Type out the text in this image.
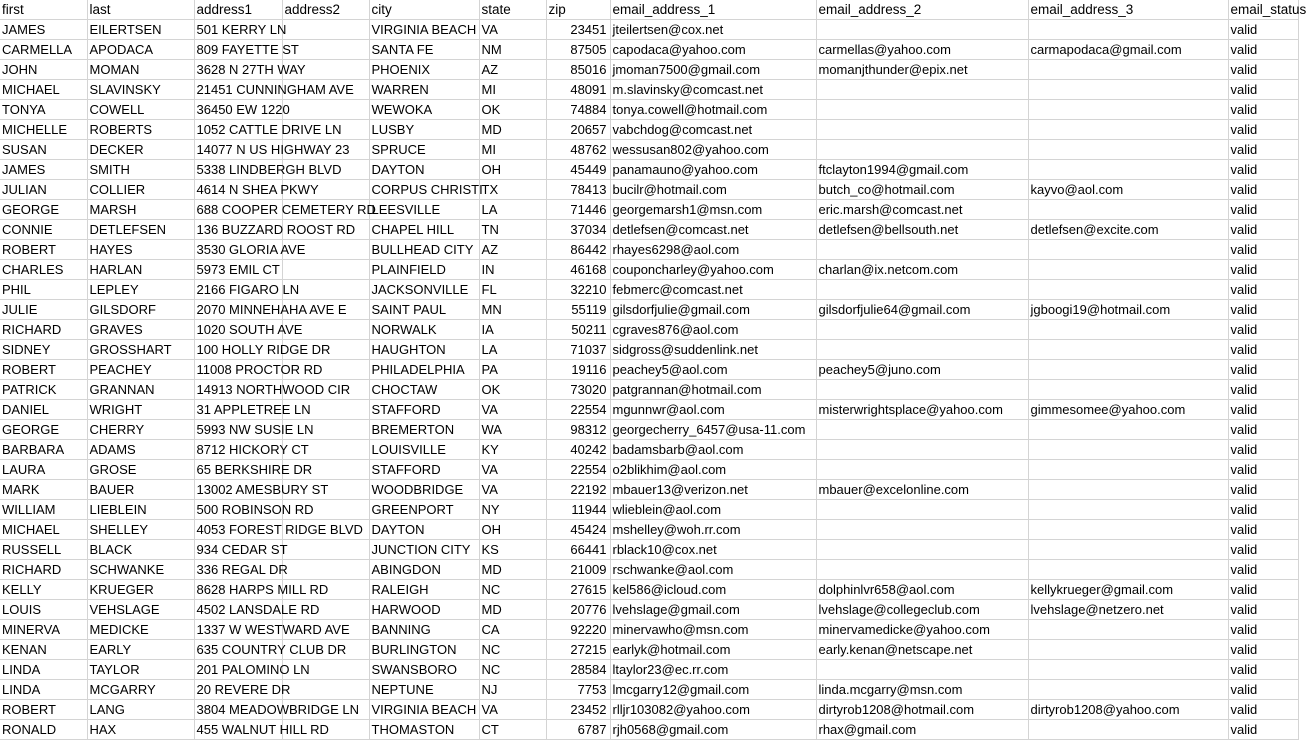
first	last	address1	address2	city	state	zip	email_address_1	email_address_2	email_address_3	email_status
JAMES	EILERTSEN	501 KERRY LN		VIRGINIA BEACH	VA	23451	jteilertsen@cox.net			valid
CARMELLA	APODACA	809 FAYETTE ST		SANTA FE	NM	87505	capodaca@yahoo.com	carmellas@yahoo.com	carmapodaca@gmail.com	valid
JOHN	MOMAN	3628 N 27TH WAY		PHOENIX	AZ	85016	jmoman7500@gmail.com	momanjthunder@epix.net		valid
MICHAEL	SLAVINSKY	21451 CUNNINGHAM AVE		WARREN	MI	48091	m.slavinsky@comcast.net			valid
TONYA	COWELL	36450 EW 1220		WEWOKA	OK	74884	tonya.cowell@hotmail.com			valid
MICHELLE	ROBERTS	1052 CATTLE DRIVE LN		LUSBY	MD	20657	vabchdog@comcast.net			valid
SUSAN	DECKER	14077 N US HIGHWAY 23		SPRUCE	MI	48762	wessusan802@yahoo.com			valid
JAMES	SMITH	5338 LINDBERGH BLVD		DAYTON	OH	45449	panamauno@yahoo.com	ftclayton1994@gmail.com		valid
JULIAN	COLLIER	4614 N SHEA PKWY		CORPUS CHRISTI	TX	78413	bucilr@hotmail.com	butch_co@hotmail.com	kayvo@aol.com	valid
GEORGE	MARSH	688 COOPER CEMETERY RD		LEESVILLE	LA	71446	georgemarsh1@msn.com	eric.marsh@comcast.net		valid
CONNIE	DETLEFSEN	136 BUZZARD ROOST RD		CHAPEL HILL	TN	37034	detlefsen@comcast.net	detlefsen@bellsouth.net	detlefsen@excite.com	valid
ROBERT	HAYES	3530 GLORIA AVE		BULLHEAD CITY	AZ	86442	rhayes6298@aol.com			valid
CHARLES	HARLAN	5973 EMIL CT		PLAINFIELD	IN	46168	couponcharley@yahoo.com	charlan@ix.netcom.com		valid
PHIL	LEPLEY	2166 FIGARO LN		JACKSONVILLE	FL	32210	febmerc@comcast.net			valid
JULIE	GILSDORF	2070 MINNEHAHA AVE E		SAINT PAUL	MN	55119	gilsdorfjulie@gmail.com	gilsdorfjulie64@gmail.com	jgboogi19@hotmail.com	valid
RICHARD	GRAVES	1020 SOUTH AVE		NORWALK	IA	50211	cgraves876@aol.com			valid
SIDNEY	GROSSHART	100 HOLLY RIDGE DR		HAUGHTON	LA	71037	sidgross@suddenlink.net			valid
ROBERT	PEACHEY	11008 PROCTOR RD		PHILADELPHIA	PA	19116	peachey5@aol.com	peachey5@juno.com		valid
PATRICK	GRANNAN	14913 NORTHWOOD CIR		CHOCTAW	OK	73020	patgrannan@hotmail.com			valid
DANIEL	WRIGHT	31 APPLETREE LN		STAFFORD	VA	22554	mgunnwr@aol.com	misterwrightsplace@yahoo.com	gimmesomee@yahoo.com	valid
GEORGE	CHERRY	5993 NW SUSIE LN		BREMERTON	WA	98312	georgecherry_6457@usa-11.com			valid
BARBARA	ADAMS	8712 HICKORY CT		LOUISVILLE	KY	40242	badamsbarb@aol.com			valid
LAURA	GROSE	65 BERKSHIRE DR		STAFFORD	VA	22554	o2blikhim@aol.com			valid
MARK	BAUER	13002 AMESBURY ST		WOODBRIDGE	VA	22192	mbauer13@verizon.net	mbauer@excelonline.com		valid
WILLIAM	LIEBLEIN	500 ROBINSON RD		GREENPORT	NY	11944	wlieblein@aol.com			valid
MICHAEL	SHELLEY	4053 FOREST RIDGE BLVD		DAYTON	OH	45424	mshelley@woh.rr.com			valid
RUSSELL	BLACK	934 CEDAR ST		JUNCTION CITY	KS	66441	rblack10@cox.net			valid
RICHARD	SCHWANKE	336 REGAL DR		ABINGDON	MD	21009	rschwanke@aol.com			valid
KELLY	KRUEGER	8628 HARPS MILL RD		RALEIGH	NC	27615	kel586@icloud.com	dolphinlvr658@aol.com	kellykrueger@gmail.com	valid
LOUIS	VEHSLAGE	4502 LANSDALE RD		HARWOOD	MD	20776	lvehslage@gmail.com	lvehslage@collegeclub.com	lvehslage@netzero.net	valid
MINERVA	MEDICKE	1337 W WESTWARD AVE		BANNING	CA	92220	minervawho@msn.com	minervamedicke@yahoo.com		valid
KENAN	EARLY	635 COUNTRY CLUB DR		BURLINGTON	NC	27215	earlyk@hotmail.com	early.kenan@netscape.net		valid
LINDA	TAYLOR	201 PALOMINO LN		SWANSBORO	NC	28584	ltaylor23@ec.rr.com			valid
LINDA	MCGARRY	20 REVERE DR		NEPTUNE	NJ	7753	lmcgarry12@gmail.com	linda.mcgarry@msn.com		valid
ROBERT	LANG	3804 MEADOWBRIDGE LN		VIRGINIA BEACH	VA	23452	rlljr103082@yahoo.com	dirtyrob1208@hotmail.com	dirtyrob1208@yahoo.com	valid
RONALD	HAX	455 WALNUT HILL RD		THOMASTON	CT	6787	rjh0568@gmail.com	rhax@gmail.com		valid
